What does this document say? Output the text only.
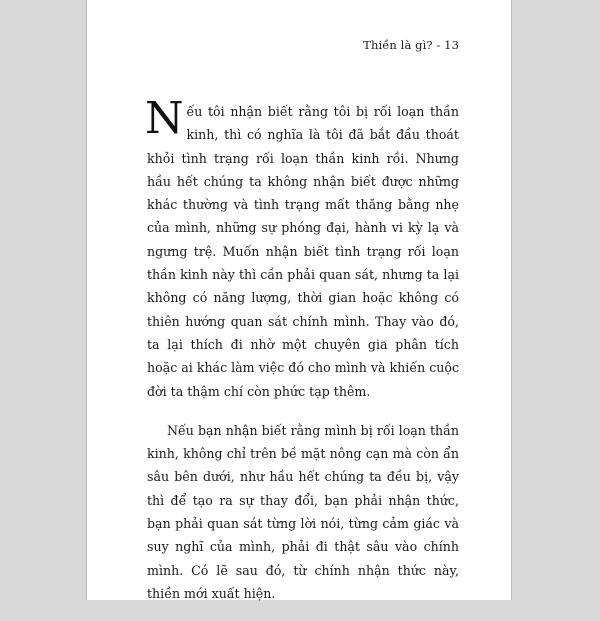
Thiền là gì? - 13

Nếu tôi nhận biết rằng tôi bị rối loạn thần kinh, thì có nghĩa là tôi đã bắt đầu thoát khỏi tình trạng rối loạn thần kinh rồi. Nhưng hầu hết chúng ta không nhận biết được những khác thường và tình trạng mất thăng bằng nhẹ của mình, những sự phóng đại, hành vi kỳ lạ và ngưng trệ. Muốn nhận biết tình trạng rối loạn thần kinh này thì cần phải quan sát, nhưng ta lại không có năng lượng, thời gian hoặc không có thiên hướng quan sát chính mình. Thay vào đó, ta lại thích đi nhờ một chuyên gia phân tích hoặc ai khác làm việc đó cho mình và khiến cuộc đời ta thậm chí còn phức tạp thêm.

Nếu bạn nhận biết rằng mình bị rối loạn thần kinh, không chỉ trên bề mặt nông cạn mà còn ẩn sâu bên dưới, như hầu hết chúng ta đều bị, vậy thì để tạo ra sự thay đổi, bạn phải nhận thức, bạn phải quan sát từng lời nói, từng cảm giác và suy nghĩ của mình, phải đi thật sâu vào chính mình. Có lẽ sau đó, từ chính nhận thức này, thiền mới xuất hiện.
